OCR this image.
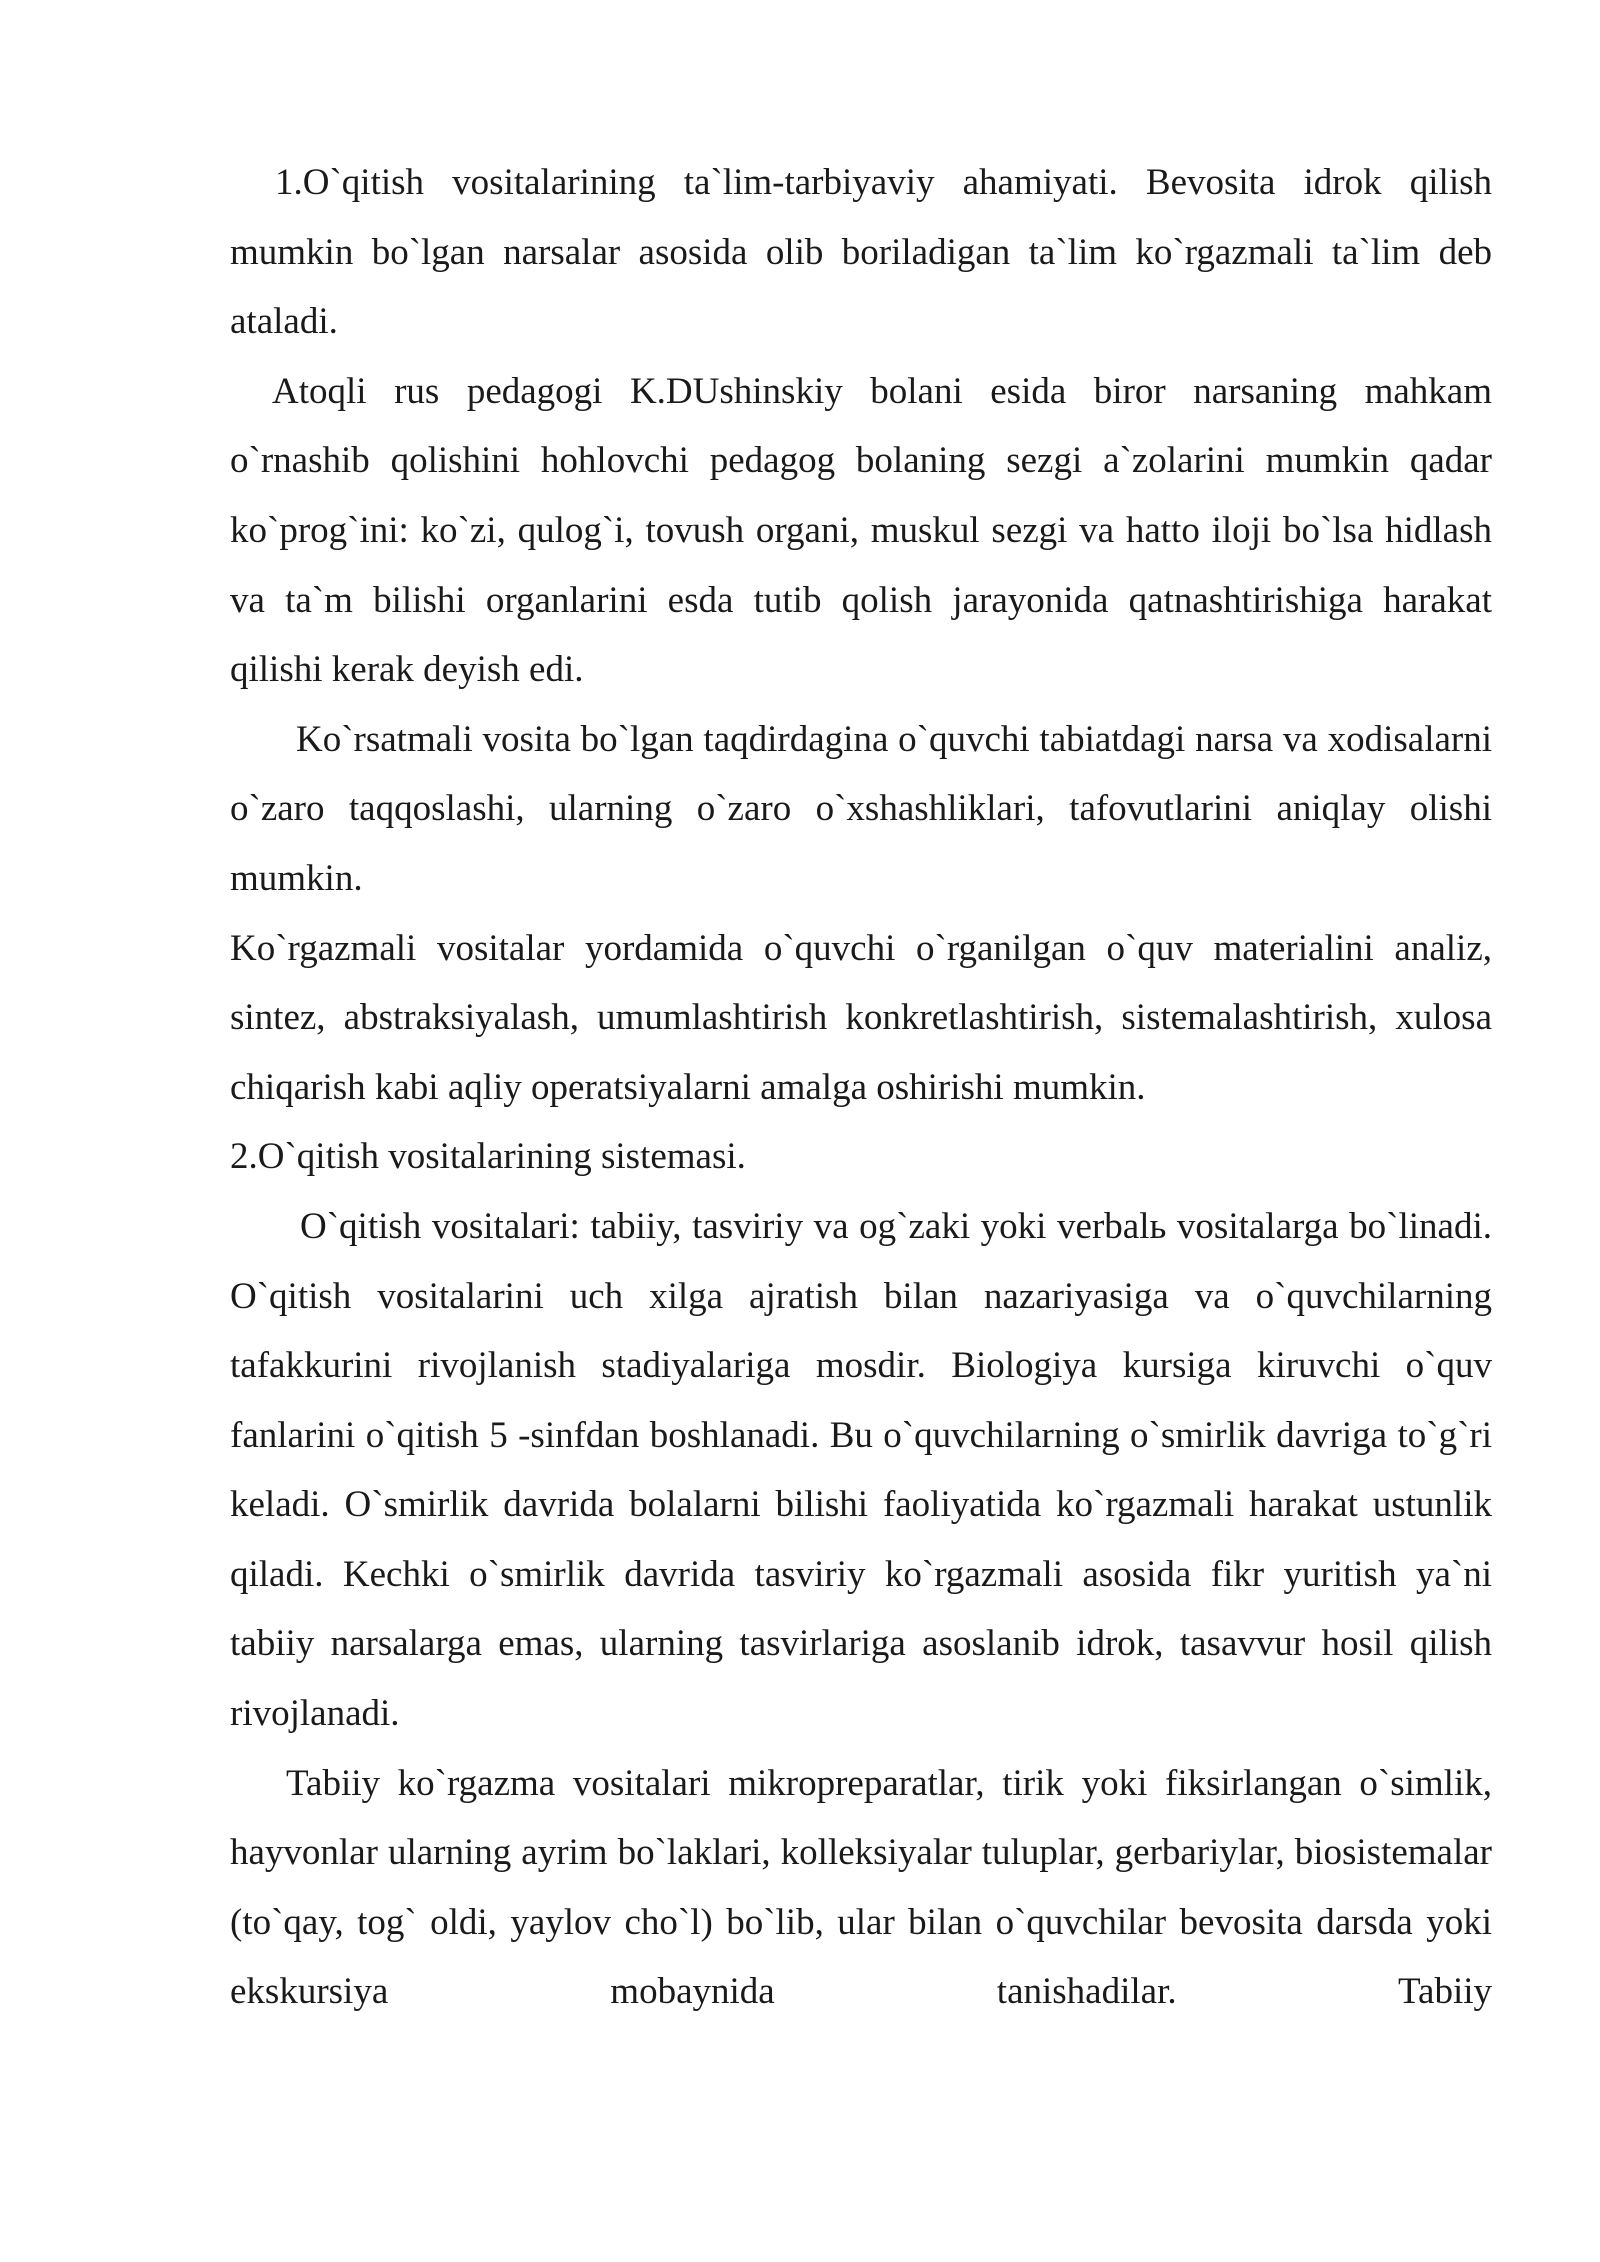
1.O`qitish vositalarining ta`lim-tarbiyaviy ahamiyati. Bevosita idrok qilish mumkin bo`lgan narsalar asosida olib boriladigan ta`lim ko`rgazmali ta`lim deb ataladi.

Atoqli rus pedagogi K.DUshinskiy bolani esida biror narsaning mahkam o`rnashib qolishini hohlovchi pedagog bolaning sezgi a`zolarini mumkin qadar ko`prog`ini: ko`zi, qulog`i, tovush organi, muskul sezgi va hatto iloji bo`lsa hidlash va ta`m bilishi organlarini esda tutib qolish jarayonida qatnashtirishiga harakat qilishi kerak deyish edi.

Ko`rsatmali vosita bo`lgan taqdirdagina o`quvchi tabiatdagi narsa va xodisalarni o`zaro taqqoslashi, ularning o`zaro o`xshashliklari, tafovutlarini aniqlay olishi mumkin.

Ko`rgazmali vositalar yordamida o`quvchi o`rganilgan o`quv materialini analiz, sintez, abstraksiyalash, umumlashtirish konkretlashtirish, sistemalashtirish, xulosa chiqarish kabi aqliy operatsiyalarni amalga oshirishi mumkin.

2.O`qitish vositalarining sistemasi.

O`qitish vositalari: tabiiy, tasviriy va og`zaki yoki verbalь vositalarga bo`linadi. O`qitish vositalarini uch xilga ajratish bilan nazariyasiga va o`quvchilarning tafakkurini rivojlanish stadiyalariga mosdir. Biologiya kursiga kiruvchi o`quv fanlarini o`qitish 5 -sinfdan boshlanadi. Bu o`quvchilarning o`smirlik davriga to`g`ri keladi. O`smirlik davrida bolalarni bilishi faoliyatida ko`rgazmali harakat ustunlik qiladi. Kechki o`smirlik davrida tasviriy ko`rgazmali asosida fikr yuritish ya`ni tabiiy narsalarga emas, ularning tasvirlariga asoslanib idrok, tasavvur hosil qilish rivojlanadi.

Tabiiy ko`rgazma vositalari mikropreparatlar, tirik yoki fiksirlangan o`simlik, hayvonlar ularning ayrim bo`laklari, kolleksiyalar tuluplar, gerbariylar, biosistemalar (to`qay, tog` oldi, yaylov cho`l) bo`lib, ular bilan o`quvchilar bevosita darsda yoki ekskursiya mobaynida tanishadilar. Tabiiy
